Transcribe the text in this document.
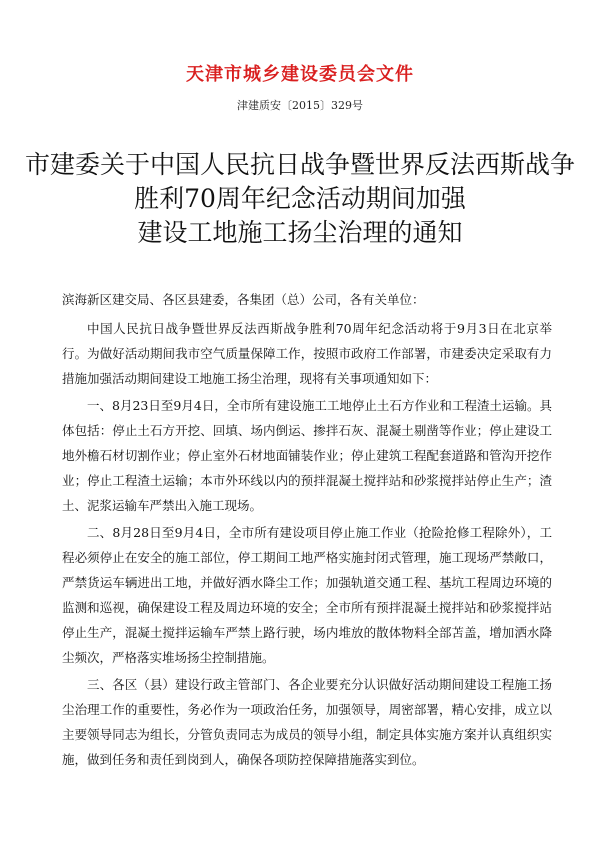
天津市城乡建设委员会文件
津建质安〔2015〕329号
市建委关于中国人民抗日战争暨世界反法西斯战争
胜利70周年纪念活动期间加强
建设工地施工扬尘治理的通知

滨海新区建交局、各区县建委，各集团（总）公司，各有关单位：

中国人民抗日战争暨世界反法西斯战争胜利70周年纪念活动将于9月3日在北京举行。为做好活动期间我市空气质量保障工作，按照市政府工作部署，市建委决定采取有力措施加强活动期间建设工地施工扬尘治理，现将有关事项通知如下：

一、8月23日至9月4日，全市所有建设施工工地停止土石方作业和工程渣土运输。具体包括：停止土石方开挖、回填、场内倒运、掺拌石灰、混凝土剔凿等作业；停止建设工地外檐石材切割作业；停止室外石材地面铺装作业；停止建筑工程配套道路和管沟开挖作业；停止工程渣土运输；本市外环线以内的预拌混凝土搅拌站和砂浆搅拌站停止生产；渣土、泥浆运输车严禁出入施工现场。

二、8月28日至9月4日，全市所有建设项目停止施工作业（抢险抢修工程除外），工程必须停止在安全的施工部位，停工期间工地严格实施封闭式管理，施工现场严禁敞口，严禁货运车辆进出工地，并做好洒水降尘工作；加强轨道交通工程、基坑工程周边环境的监测和巡视，确保建设工程及周边环境的安全；全市所有预拌混凝土搅拌站和砂浆搅拌站停止生产，混凝土搅拌运输车严禁上路行驶，场内堆放的散体物料全部苫盖，增加洒水降尘频次，严格落实堆场扬尘控制措施。

三、各区（县）建设行政主管部门、各企业要充分认识做好活动期间建设工程施工扬尘治理工作的重要性，务必作为一项政治任务，加强领导，周密部署，精心安排，成立以主要领导同志为组长，分管负责同志为成员的领导小组，制定具体实施方案并认真组织实施，做到任务和责任到岗到人，确保各项防控保障措施落实到位。
